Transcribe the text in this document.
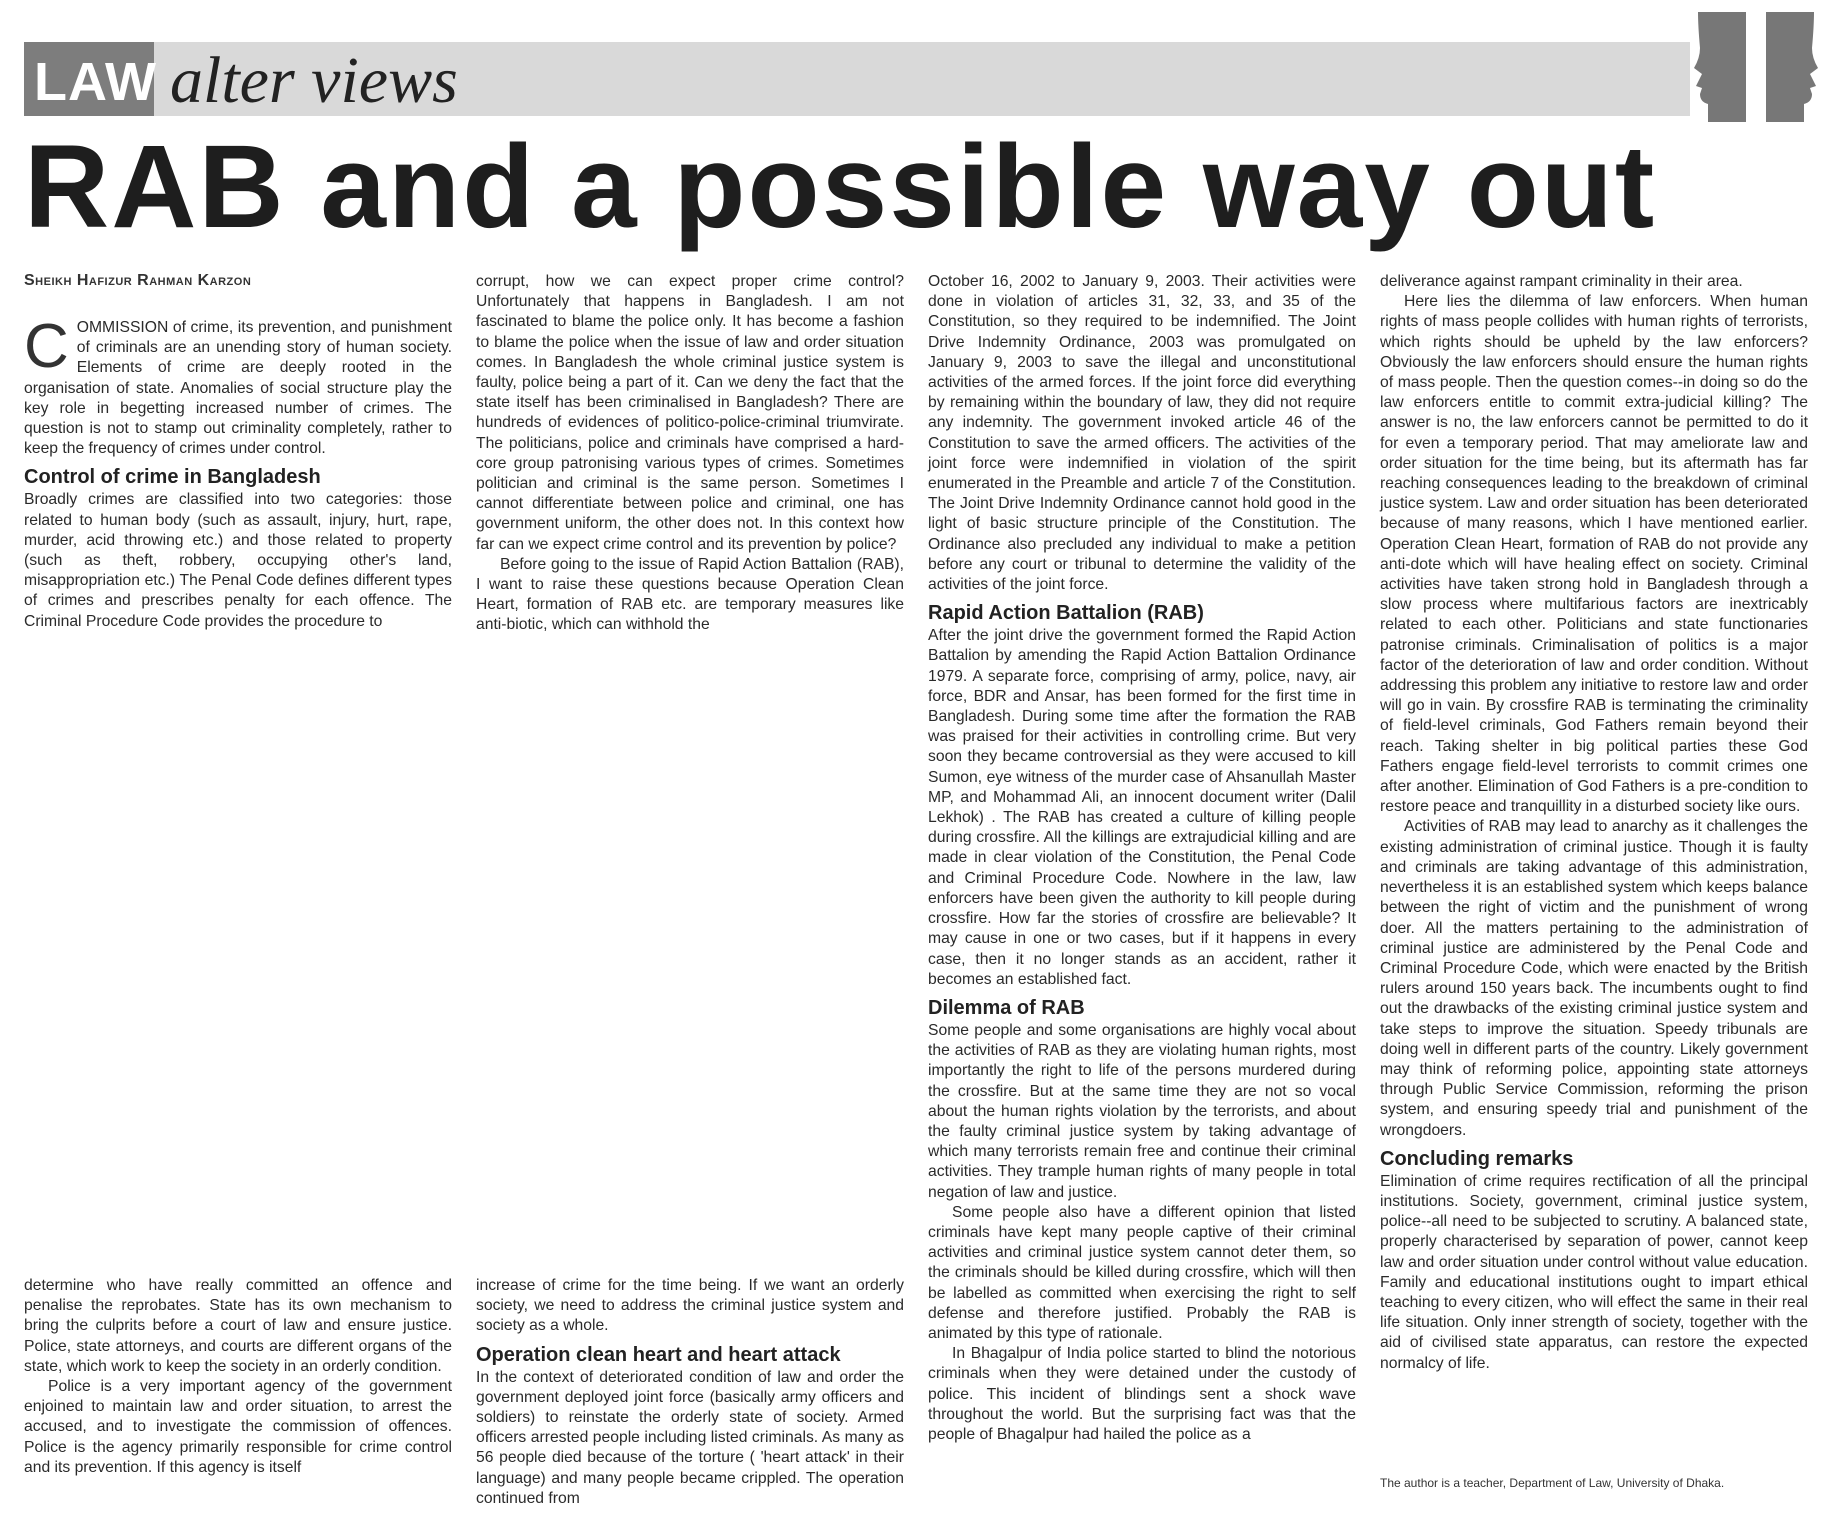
LAW alter views
RAB and a possible way out
Sheikh Hafizur Rahman Karzon

COMMISSION of crime, its prevention, and punishment of criminals are an unending story of human society. Elements of crime are deeply rooted in the organisation of state. Anomalies of social structure play the key role in begetting increased number of crimes. The question is not to stamp out criminality completely, rather to keep the frequency of crimes under control.

Control of crime in Bangladesh

Broadly crimes are classified into two categories: those related to human body (such as assault, injury, hurt, rape, murder, acid throwing etc.) and those related to property (such as theft, robbery, occupying other's land, misappropriation etc.) The Penal Code defines different types of crimes and prescribes penalty for each offence. The Criminal Procedure Code provides the procedure to

determine who have really committed an offence and penalise the reprobates. State has its own mechanism to bring the culprits before a court of law and ensure justice. Police, state attorneys, and courts are different organs of the state, which work to keep the society in an orderly condition.

Police is a very important agency of the government enjoined to maintain law and order situation, to arrest the accused, and to investigate the commission of offences. Police is the agency primarily responsible for crime control and its prevention. If this agency is itself

corrupt, how we can expect proper crime control? Unfortunately that happens in Bangladesh. I am not fascinated to blame the police only. It has become a fashion to blame the police when the issue of law and order situation comes. In Bangladesh the whole criminal justice system is faulty, police being a part of it. Can we deny the fact that the state itself has been criminalised in Bangladesh? There are hundreds of evidences of politico-police-criminal triumvirate. The politicians, police and criminals have comprised a hard-core group patronising various types of crimes. Sometimes politician and criminal is the same person. Sometimes I cannot differentiate between police and criminal, one has government uniform, the other does not. In this context how far can we expect crime control and its prevention by police?

Before going to the issue of Rapid Action Battalion (RAB), I want to raise these questions because Operation Clean Heart, formation of RAB etc. are temporary measures like anti-biotic, which can withhold the

increase of crime for the time being. If we want an orderly society, we need to address the criminal justice system and society as a whole.

Operation clean heart and heart attack

In the context of deteriorated condition of law and order the government deployed joint force (basically army officers and soldiers) to reinstate the orderly state of society. Armed officers arrested people including listed criminals. As many as 56 people died because of the torture ( 'heart attack' in their language) and many people became crippled. The operation continued from

October 16, 2002 to January 9, 2003. Their activities were done in violation of articles 31, 32, 33, and 35 of the Constitution, so they required to be indemnified. The Joint Drive Indemnity Ordinance, 2003 was promulgated on January 9, 2003 to save the illegal and unconstitutional activities of the armed forces. If the joint force did everything by remaining within the boundary of law, they did not require any indemnity. The government invoked article 46 of the Constitution to save the armed officers. The activities of the joint force were indemnified in violation of the spirit enumerated in the Preamble and article 7 of the Constitution. The Joint Drive Indemnity Ordinance cannot hold good in the light of basic structure principle of the Constitution. The Ordinance also precluded any individual to make a petition before any court or tribunal to determine the validity of the activities of the joint force.

Rapid Action Battalion (RAB)

After the joint drive the government formed the Rapid Action Battalion by amending the Rapid Action Battalion Ordinance 1979. A separate force, comprising of army, police, navy, air force, BDR and Ansar, has been formed for the first time in Bangladesh. During some time after the formation the RAB was praised for their activities in controlling crime. But very soon they became controversial as they were accused to kill Sumon, eye witness of the murder case of Ahsanullah Master MP, and Mohammad Ali, an innocent document writer (Dalil Lekhok) . The RAB has created a culture of killing people during crossfire. All the killings are extrajudicial killing and are made in clear violation of the Constitution, the Penal Code and Criminal Procedure Code. Nowhere in the law, law enforcers have been given the authority to kill people during crossfire. How far the stories of crossfire are believable? It may cause in one or two cases, but if it happens in every case, then it no longer stands as an accident, rather it becomes an established fact.

Dilemma of RAB

Some people and some organisations are highly vocal about the activities of RAB as they are violating human rights, most importantly the right to life of the persons murdered during the crossfire. But at the same time they are not so vocal about the human rights violation by the terrorists, and about the faulty criminal justice system by taking advantage of which many terrorists remain free and continue their criminal activities. They trample human rights of many people in total negation of law and justice.

Some people also have a different opinion that listed criminals have kept many people captive of their criminal activities and criminal justice system cannot deter them, so the criminals should be killed during crossfire, which will then be labelled as committed when exercising the right to self defense and therefore justified. Probably the RAB is animated by this type of rationale.

In Bhagalpur of India police started to blind the notorious criminals when they were detained under the custody of police. This incident of blindings sent a shock wave throughout the world. But the surprising fact was that the people of Bhagalpur had hailed the police as a

deliverance against rampant criminality in their area.

Here lies the dilemma of law enforcers. When human rights of mass people collides with human rights of terrorists, which rights should be upheld by the law enforcers? Obviously the law enforcers should ensure the human rights of mass people. Then the question comes--in doing so do the law enforcers entitle to commit extra-judicial killing? The answer is no, the law enforcers cannot be permitted to do it for even a temporary period. That may ameliorate law and order situation for the time being, but its aftermath has far reaching consequences leading to the breakdown of criminal justice system. Law and order situation has been deteriorated because of many reasons, which I have mentioned earlier. Operation Clean Heart, formation of RAB do not provide any anti-dote which will have healing effect on society. Criminal activities have taken strong hold in Bangladesh through a slow process where multifarious factors are inextricably related to each other. Politicians and state functionaries patronise criminals. Criminalisation of politics is a major factor of the deterioration of law and order condition. Without addressing this problem any initiative to restore law and order will go in vain. By crossfire RAB is terminating the criminality of field-level criminals, God Fathers remain beyond their reach. Taking shelter in big political parties these God Fathers engage field-level terrorists to commit crimes one after another. Elimination of God Fathers is a pre-condition to restore peace and tranquillity in a disturbed society like ours.

Activities of RAB may lead to anarchy as it challenges the existing administration of criminal justice. Though it is faulty and criminals are taking advantage of this administration, nevertheless it is an established system which keeps balance between the right of victim and the punishment of wrong doer. All the matters pertaining to the administration of criminal justice are administered by the Penal Code and Criminal Procedure Code, which were enacted by the British rulers around 150 years back. The incumbents ought to find out the drawbacks of the existing criminal justice system and take steps to improve the situation. Speedy tribunals are doing well in different parts of the country. Likely government may think of reforming police, appointing state attorneys through Public Service Commission, reforming the prison system, and ensuring speedy trial and punishment of the wrongdoers.

Concluding remarks

Elimination of crime requires rectification of all the principal institutions. Society, government, criminal justice system, police--all need to be subjected to scrutiny. A balanced state, properly characterised by separation of power, cannot keep law and order situation under control without value education. Family and educational institutions ought to impart ethical teaching to every citizen, who will effect the same in their real life situation. Only inner strength of society, together with the aid of civilised state apparatus, can restore the expected normalcy of life.

The author is a teacher, Department of Law, University of Dhaka.
